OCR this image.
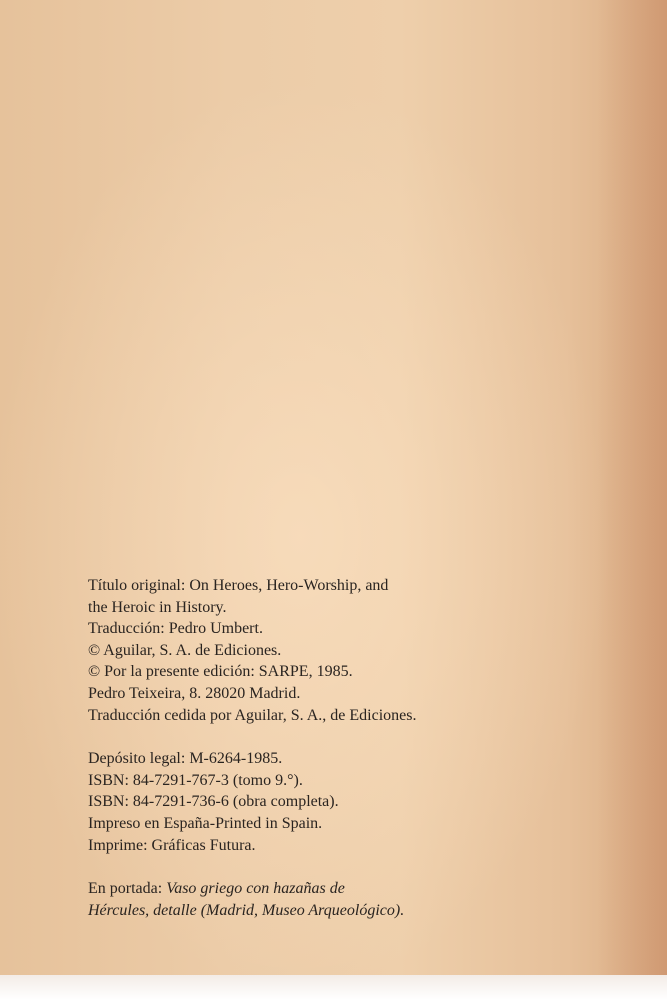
Título original: On Heroes, Hero-Worship, and
the Heroic in History.
Traducción: Pedro Umbert.
© Aguilar, S. A. de Ediciones.
© Por la presente edición: SARPE, 1985.
Pedro Teixeira, 8. 28020 Madrid.
Traducción cedida por Aguilar, S. A., de Ediciones.
Depósito legal: M-6264-1985.
ISBN: 84-7291-767-3 (tomo 9.°).
ISBN: 84-7291-736-6 (obra completa).
Impreso en España-Printed in Spain.
Imprime: Gráficas Futura.
En portada: Vaso griego con hazañas de
Hércules, detalle (Madrid, Museo Arqueológico).
